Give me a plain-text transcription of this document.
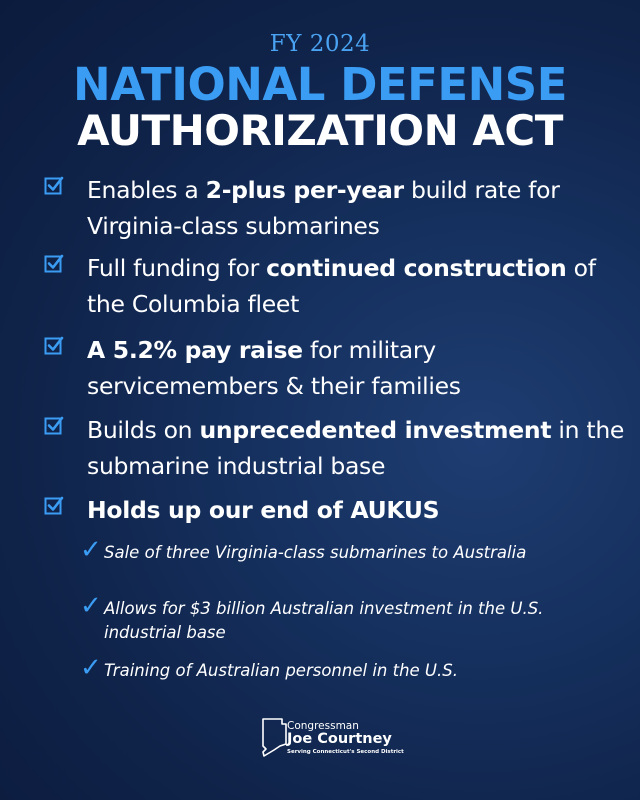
FY 2024
NATIONAL DEFENSE
AUTHORIZATION ACT
Enables a 2-plus per-year build rate for Virginia-class submarines
Full funding for continued construction of the Columbia fleet
A 5.2% pay raise for military servicemembers & their families
Builds on unprecedented investment in the submarine industrial base
Holds up our end of AUKUS
✓ Sale of three Virginia-class submarines to Australia
✓ Allows for $3 billion Australian investment in the U.S. industrial base
✓ Training of Australian personnel in the U.S.
Congressman
Joe Courtney
Serving Connecticut's Second District
